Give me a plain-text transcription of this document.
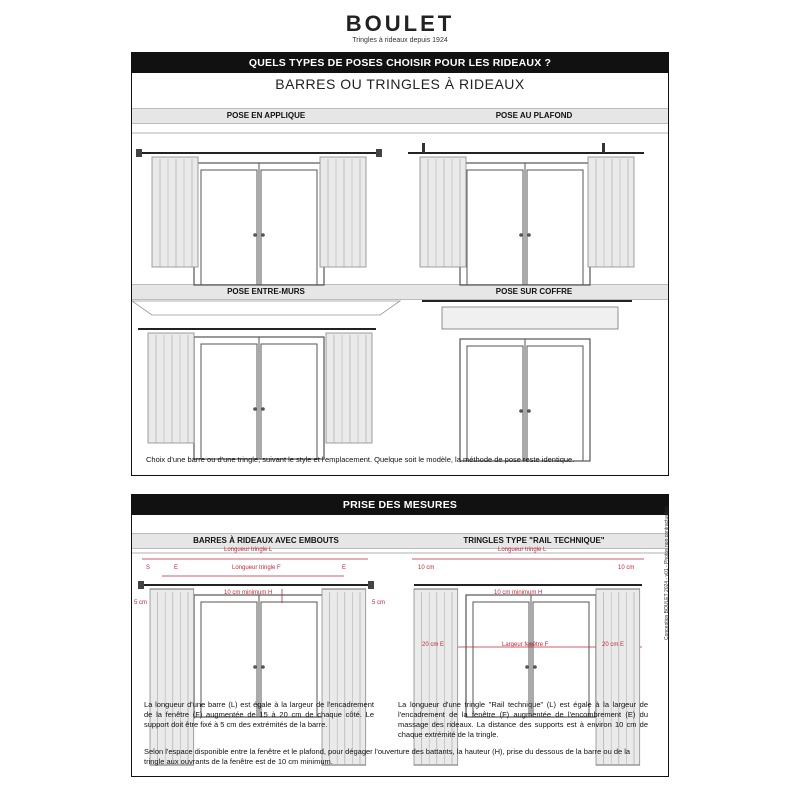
BOULET
Tringles à rideaux depuis 1924
QUELS TYPES DE POSES CHOISIR POUR LES RIDEAUX ?
BARRES OU TRINGLES À RIDEAUX
POSE EN APPLIQUE	POSE AU PLAFOND
POSE ENTRE-MURS	POSE SUR COFFRE
Choix d'une barre ou d'une tringle, suivant le style et l'emplacement. Quelque soit le modèle, la méthode de pose reste identique.
PRISE DES MESURES
BARRES À RIDEAUX AVEC EMBOUTS	TRINGLES TYPE "RAIL TECHNIQUE"
Longueur tringle L
Longueur tringle F
S	E
E
10 cm minimum H
5 cm	5 cm
Longueur tringle L
10 cm	10 cm
10 cm minimum H
Largeur fenêtre F
20 cm E	20 cm E
La longueur d'une barre (L) est égale à la largeur de l'encadrement de la fenêtre (F) augmentée de 15 à 20 cm de chaque côté. Le support doit être fixé à 5 cm des extrémités de la barre.
La longueur d'une tringle "Rail technique" (L) est égale à la largeur de l'encadrement de la fenêtre (F) augmentée de l'encombrement (E) du massage des rideaux. La distance des supports est à environ 10 cm de chaque extrémité de la tringle.
Selon l'espace disponible entre la fenêtre et le plafond, pour dégager l'ouverture des battants, la hauteur (H), prise du dessous de la barre ou de la tringle aux ouvrants de la fenêtre est de 10 cm minimum.
Conception BOULET 2024 - v01 - Photos non contractuelles
